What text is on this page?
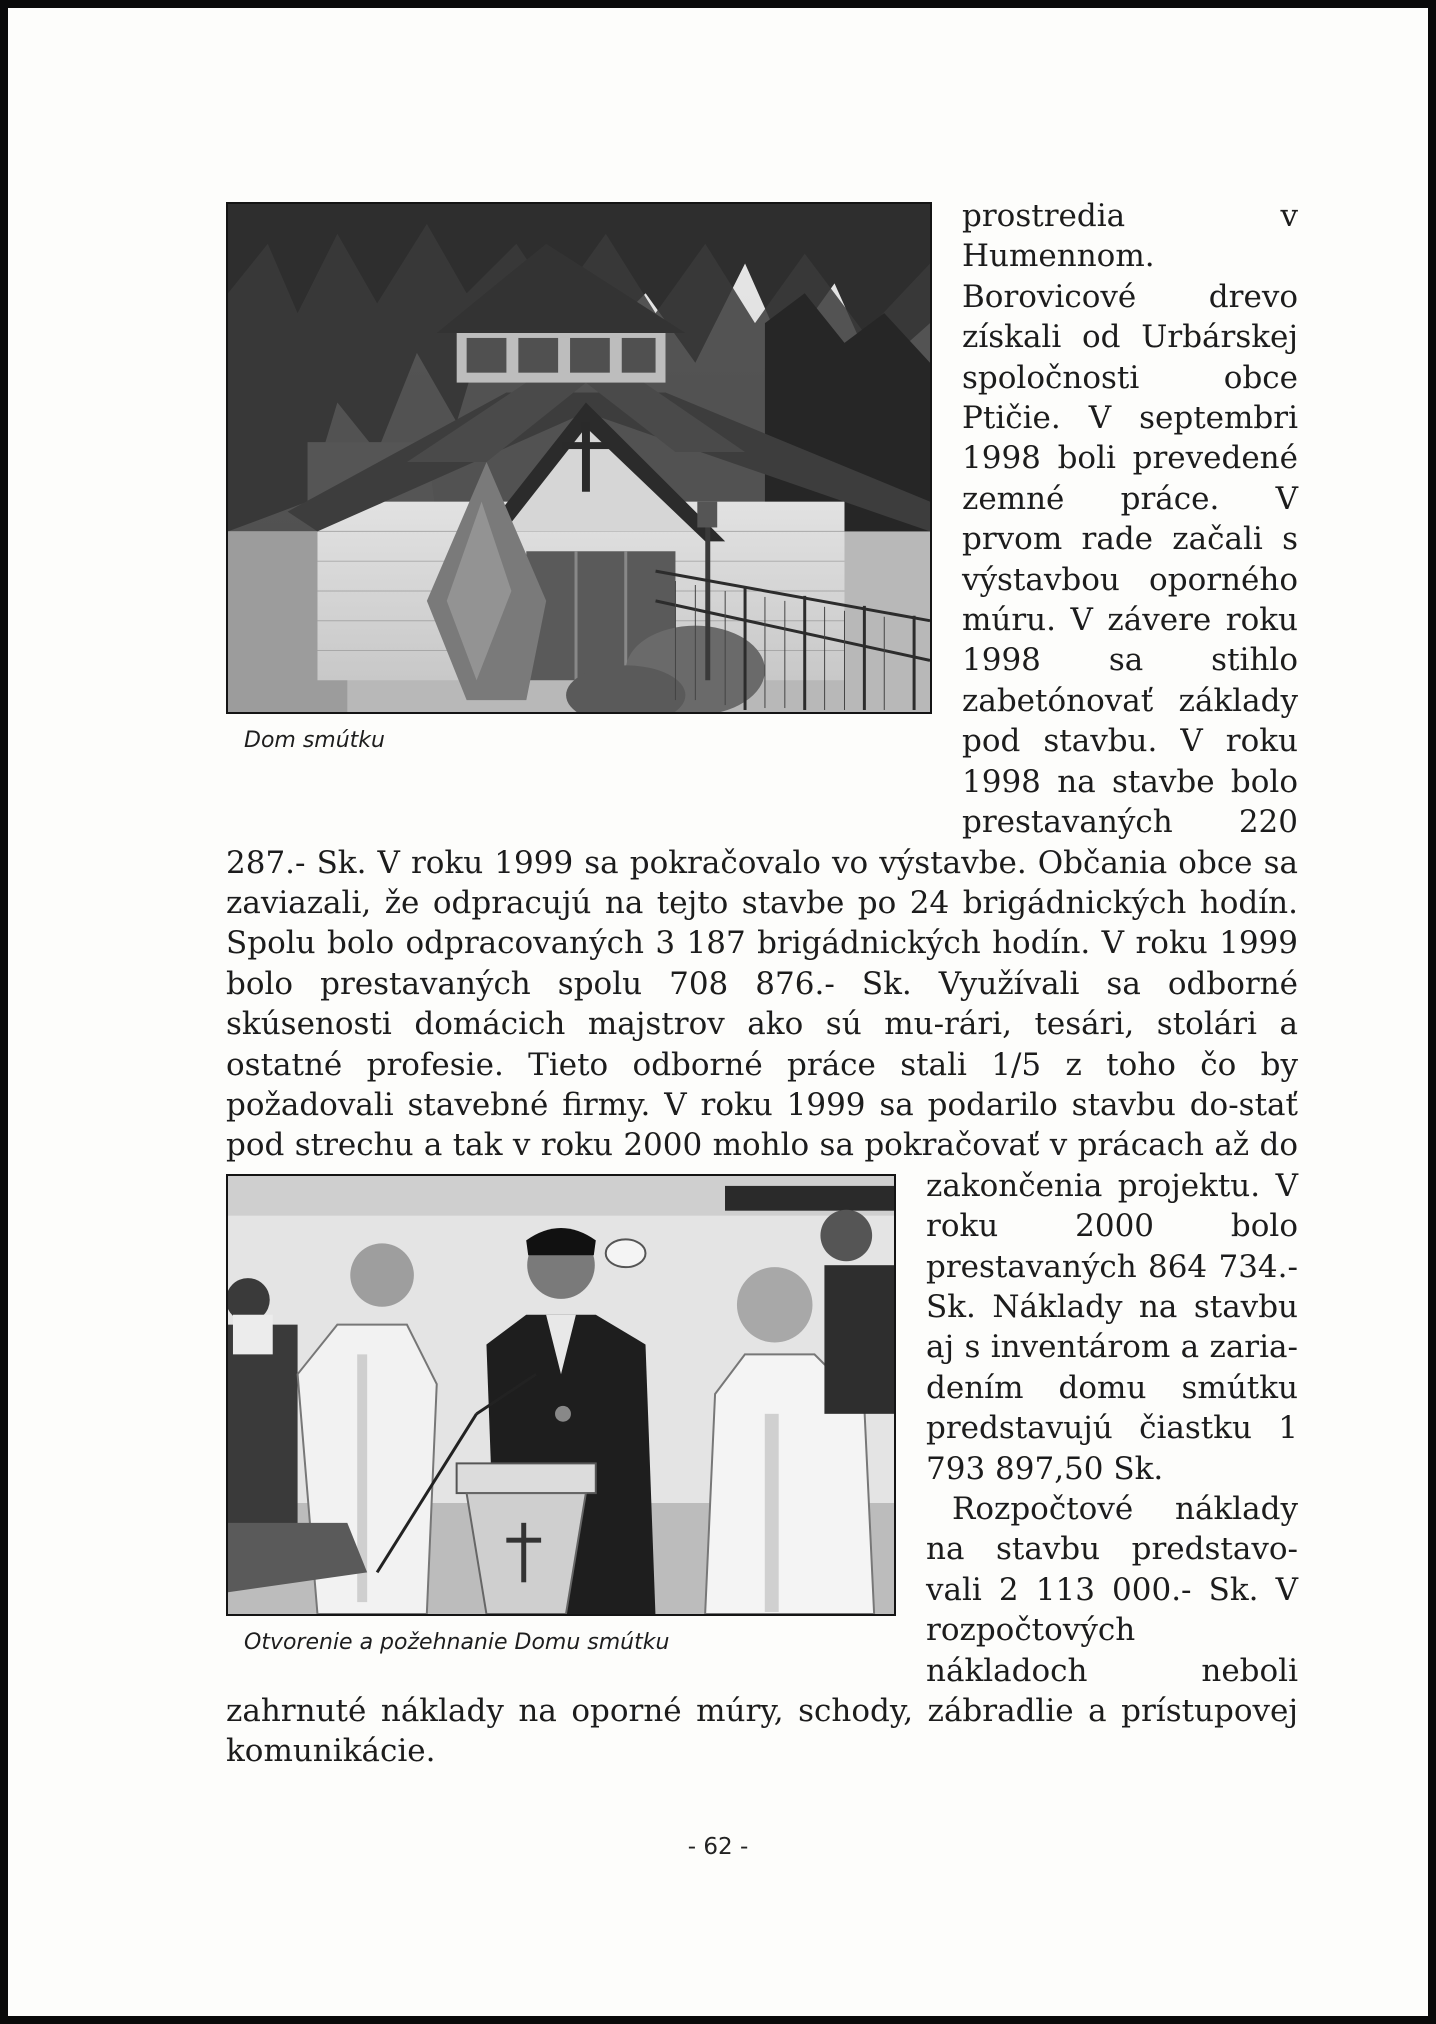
Dom smútku

prostredia v Humennom. Borovicové drevo získali od Urbárskej spoločnosti obce Ptičie. V septembri 1998 boli prevedené zemné práce. V prvom rade začali s výstavbou oporného múru. V závere roku 1998 sa stihlo zabetónovať základy pod stavbu. V roku 1998 na stavbe bolo prestavaných 220 287.- Sk. V roku 1999 sa pokračovalo vo výstavbe. Občania obce sa zaviazali, že odpracujú na tejto stavbe po 24 brigádnických hodín. Spolu bolo odpracovaných 3 187 brigádnických hodín. V roku 1999 bolo prestavaných spolu 708 876.- Sk. Využívali sa odborné skúsenosti domácich majstrov ako sú mu-rári, tesári, stolári a ostatné profesie. Tieto odborné práce stali 1/5 z toho čo by požadovali stavebné firmy. V roku 1999 sa podarilo stavbu do-stať pod strechu a tak v roku 2000
Otvorenie a požehnanie Domu smútku
mohlo sa pokračovať v prácach až do zakončenia projektu. V roku 2000 bolo prestavaných 864 734.- Sk. Náklady na stavbu aj s inventárom a zariadením domu smútku predstavujú čiastku 1 793 897,50 Sk.

Rozpočtové náklady na stavbu predstavovali 2 113 000.- Sk. V rozpočtových nákladoch neboli zahrnuté náklady na oporné múry, schody, zábradlie a prístupovej komunikácie.

- 62 -
